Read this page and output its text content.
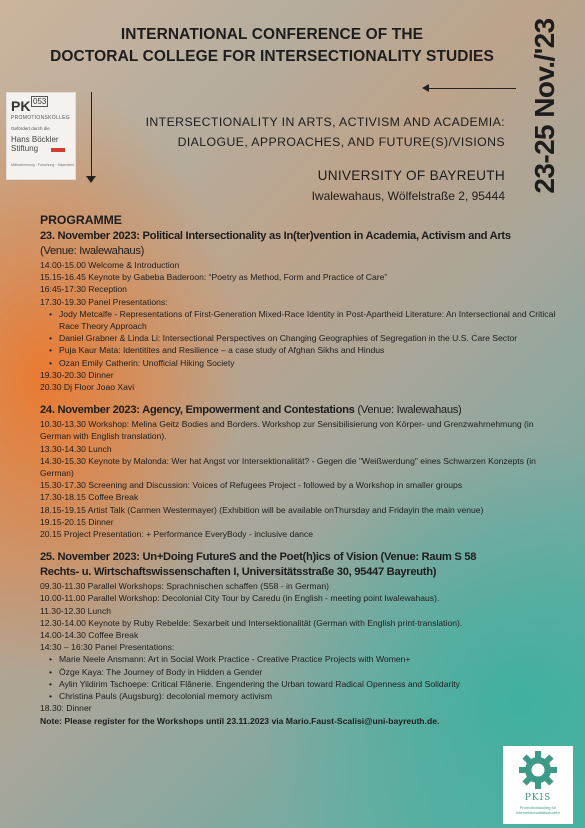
INTERNATIONAL CONFERENCE OF THE
DOCTORAL COLLEGE FOR INTERSECTIONALITY STUDIES	23-25 Nov./'23
PK 053
PROMOTIONSKOLLEG
Gefördert durch die
Hans Böckler
Stiftung
Mitbestimmung · Forschung · Stipendien
INTERSECTIONALITY IN ARTS, ACTIVISM AND ACADEMIA:
DIALOGUE, APPROACHES, AND FUTURE(S)/VISIONS
UNIVERSITY OF BAYREUTH
Iwalewahaus, Wölfelstraße 2, 95444
PROGRAMME

23. November 2023: Political Intersectionality as In(ter)vention in Academia, Activism and Arts
(Venue: Iwalewahaus)

14.00-15.00 Welcome & Introduction

15.15-16.45 Keynote by Gabeba Baderoon: “Poetry as Method, Form and Practice of Care”

16:45-17:30 Reception

17.30-19.30 Panel Presentations:

• Jody Metcalfe - Representations of First-Generation Mixed-Race Identity in Post-Apartheid Literature: An Intersectional and Critical Race Theory Approach
• Daniel Grabner & Linda Li: Intersectional Perspectives on Changing Geographies of Segregation in the U.S. Care Sector
• Puja Kaur Mata: Identitites and Resilience – a case study of Afghan Sikhs and Hindus
• Ozan Emily Catherin: Unofficial Hiking Society

19.30-20.30 Dinner

20.30 Dj Floor Joao Xavi

24. November 2023: Agency, Empowerment and Contestations (Venue: Iwalewahaus)

10.30-13.30 Workshop: Melina Geitz Bodies and Borders. Workshop zur Sensibilisierung von Körper- und Grenzwahrnehmung (in German with English translation).

13.30-14.30 Lunch

14.30-15.30 Keynote by Malonda: Wer hat Angst vor Intersektionalität? - Gegen die "Weißwerdung" eines Schwarzen Konzepts (in German)

15.30-17.30 Screening and Discussion: Voices of Refugees Project - followed by a Workshop in smaller groups

17.30-18.15 Coffee Break

18.15-19.15 Artist Talk (Carmen Westermayer) (Exhibition will be available onThursday and Fridayin the main venue)

19.15-20.15 Dinner

20.15 Project Presentation: + Performance EveryBody - inclusive dance

25. November 2023: Un+Doing FutureS and the Poet(h)ics of Vision (Venue: Raum S 58
Rechts- u. Wirtschaftswissenschaften I, Universitätsstraße 30, 95447 Bayreuth)

09.30-11.30 Parallel Workshops: Sprachnischen schaffen (S58 - in German)

10.00-11.00 Parallel Workshop: Decolonial City Tour by Caredu (in English - meeting point Iwalewahaus).

11.30-12.30 Lunch

12.30-14.00 Keynote by Ruby Rebelde: Sexarbeit und Intersektionalität (German with English print-translation).

14.00-14.30 Coffee Break

14:30 – 16:30 Panel Presentations:

• Marie Neele Ansmann: Art in Social Work Practice - Creative Practice Projects with Women+
• Özge Kaya: The Journey of Body in Hidden a Gender
• Aylin Yildirim Tschoepe: Critical Flânerie. Engendering the Urban toward Radical Openness and Solidarity
• Christina Pauls (Augsburg): decolonial memory activism

18.30: Dinner

Note: Please register for the Workshops until 23.11.2023 via Mario.Faust-Scalisi@uni-bayreuth.de.

PKIS
Promotionskolleg für Intersektionalitätsstudien
